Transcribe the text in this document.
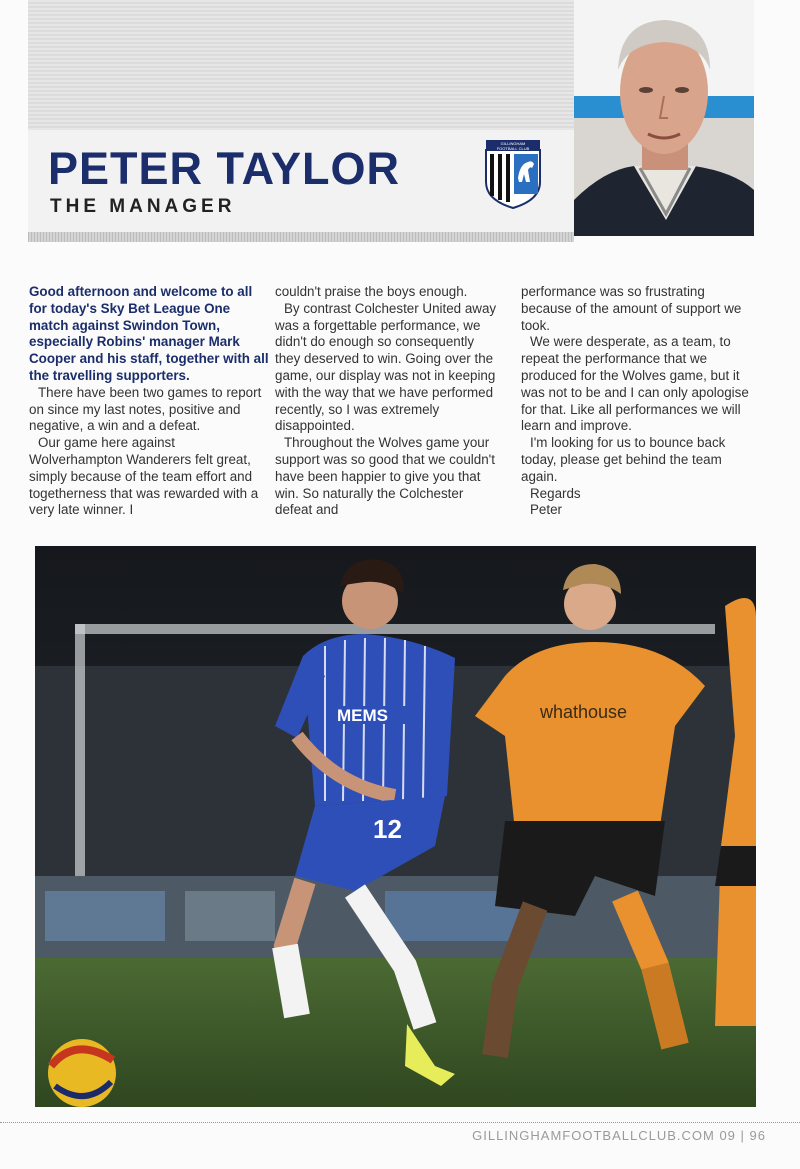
PETER TAYLOR
THE MANAGER
GILLINGHAM
FOOTBALL CLUB

Good afternoon and welcome to all for today's Sky Bet League One match against Swindon Town, especially Robins' manager Mark Cooper and his staff, together with all the travelling supporters.

There have been two games to report on since my last notes, positive and negative, a win and a defeat.

Our game here against Wolverhampton Wanderers felt great, simply because of the team effort and togetherness that was rewarded with a very late winner. I

couldn't praise the boys enough.

By contrast Colchester United away was a forgettable performance, we didn't do enough so consequently they deserved to win. Going over the game, our display was not in keeping with the way that we have performed recently, so I was extremely disappointed.

Throughout the Wolves game your support was so good that we couldn't have been happier to give you that win. So naturally the Colchester defeat and

performance was so frustrating because of the amount of support we took.

We were desperate, as a team, to repeat the performance that we produced for the Wolves game, but it was not to be and I can only apologise for that. Like all performances we will learn and improve.

I'm looking for us to bounce back today, please get behind the team again.

Regards

Peter

MEMS
12
whathouse
GILLINGHAMFOOTBALLCLUB.COM 09 | 96
